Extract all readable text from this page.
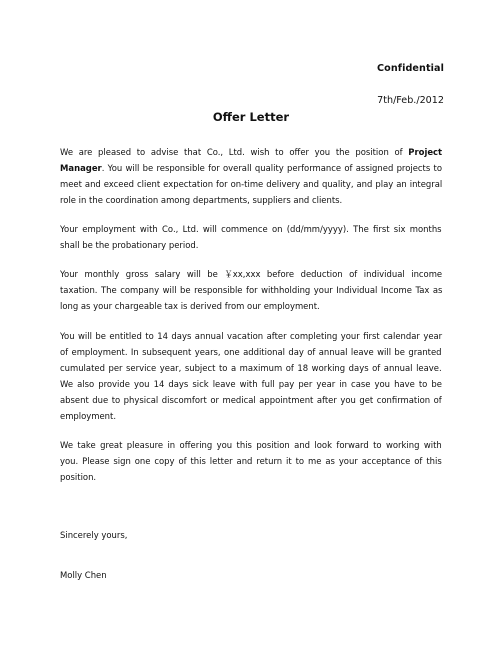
Confidential
7th/Feb./2012
Offer Letter
We are pleased to advise that Co., Ltd. wish to offer you the position of Project
Manager. You will be responsible for overall quality performance of assigned projects to
meet and exceed client expectation for on-time delivery and quality, and play an integral
role in the coordination among departments, suppliers and clients.
Your employment with Co., Ltd. will commence on (dd/mm/yyyy). The first six months
shall be the probationary period.
Your monthly gross salary will be ￥xx,xxx before deduction of individual income
taxation. The company will be responsible for withholding your Individual Income Tax as
long as your chargeable tax is derived from our employment.
You will be entitled to 14 days annual vacation after completing your first calendar year
of employment. In subsequent years, one additional day of annual leave will be granted
cumulated per service year, subject to a maximum of 18 working days of annual leave.
We also provide you 14 days sick leave with full pay per year in case you have to be
absent due to physical discomfort or medical appointment after you get confirmation of
employment.
We take great pleasure in offering you this position and look forward to working with
you. Please sign one copy of this letter and return it to me as your acceptance of this
position.
Sincerely yours,
Molly Chen
